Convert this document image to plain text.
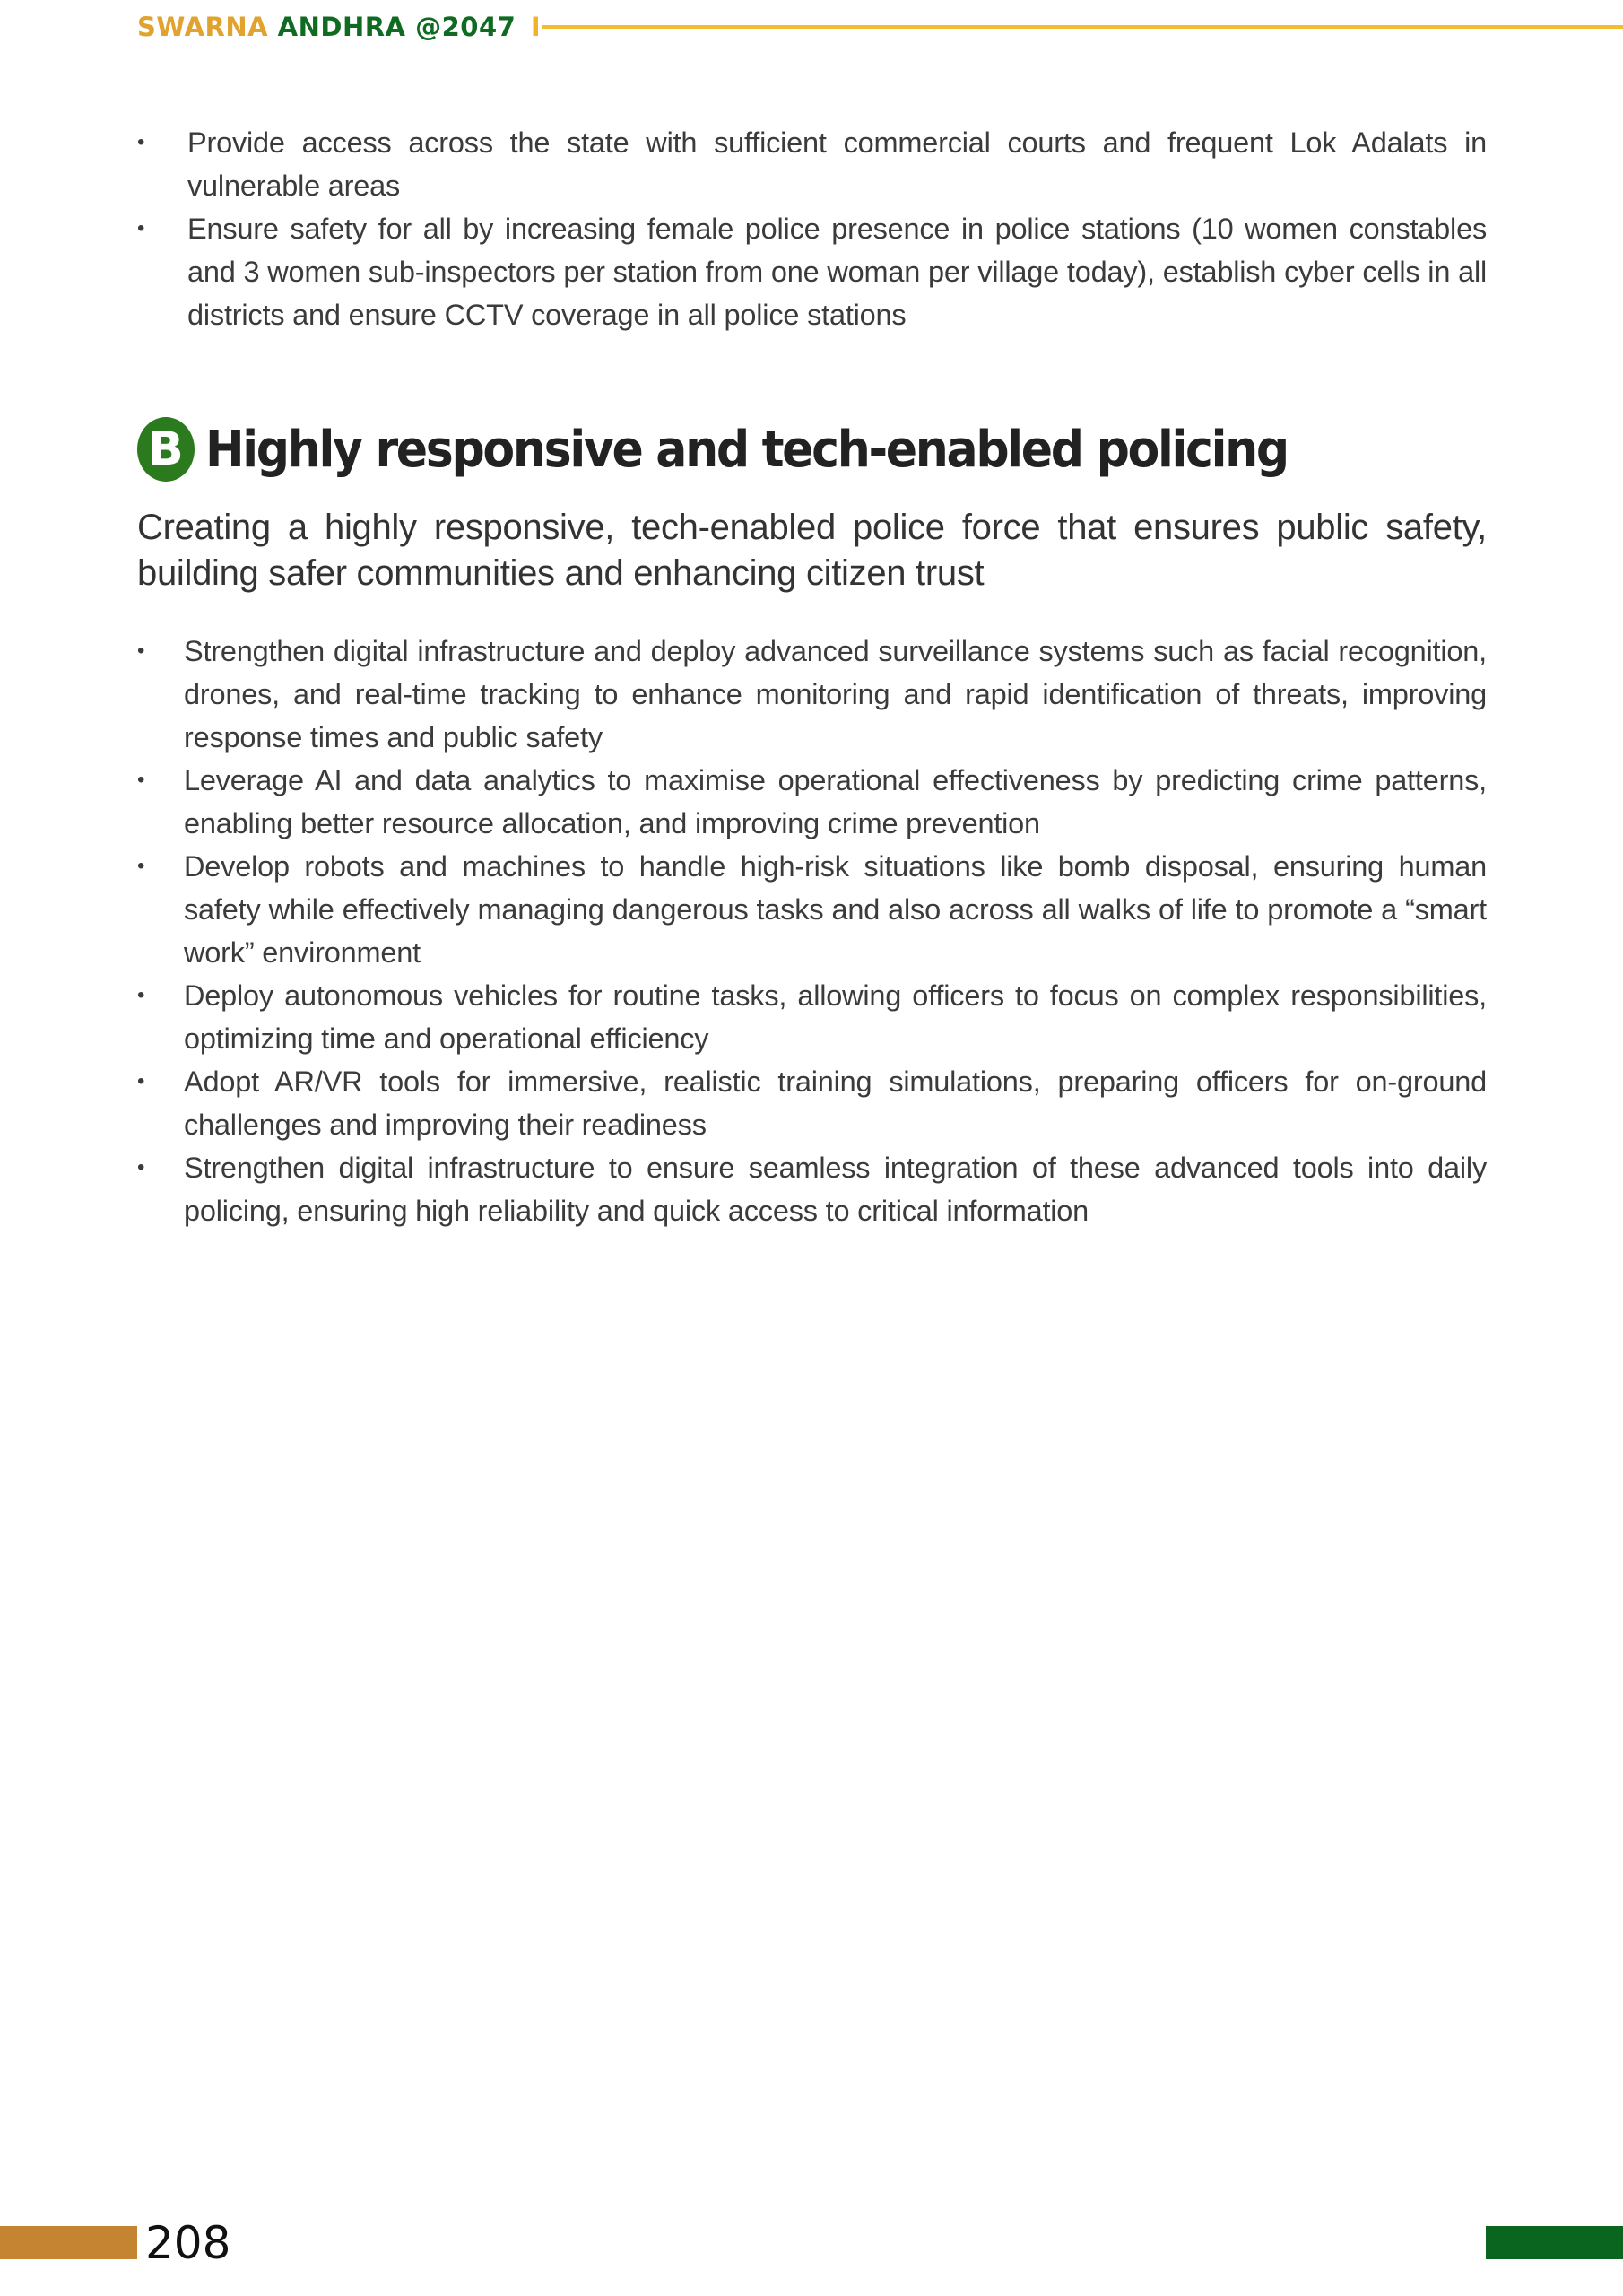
SWARNA ANDHRA @2047 I
• Provide access across the state with sufficient commercial courts and frequent Lok Adalats in vulnerable areas
• Ensure safety for all by increasing female police presence in police stations (10 women constables and 3 women sub-inspectors per station from one woman per village today), establish cyber cells in all districts and ensure CCTV coverage in all police stations
B Highly responsive and tech-enabled policing
Creating a highly responsive, tech-enabled police force that ensures public safety, building safer communities and enhancing citizen trust
• Strengthen digital infrastructure and deploy advanced surveillance systems such as facial recognition, drones, and real-time tracking to enhance monitoring and rapid identification of threats, improving response times and public safety
• Leverage AI and data analytics to maximise operational effectiveness by predicting crime patterns, enabling better resource allocation, and improving crime prevention
• Develop robots and machines to handle high-risk situations like bomb disposal, ensuring human safety while effectively managing dangerous tasks and also across all walks of life to promote a “smart work” environment
• Deploy autonomous vehicles for routine tasks, allowing officers to focus on complex responsibilities, optimizing time and operational efficiency
• Adopt AR/VR tools for immersive, realistic training simulations, preparing officers for on-ground challenges and improving their readiness
• Strengthen digital infrastructure to ensure seamless integration of these advanced tools into daily policing, ensuring high reliability and quick access to critical information
208
